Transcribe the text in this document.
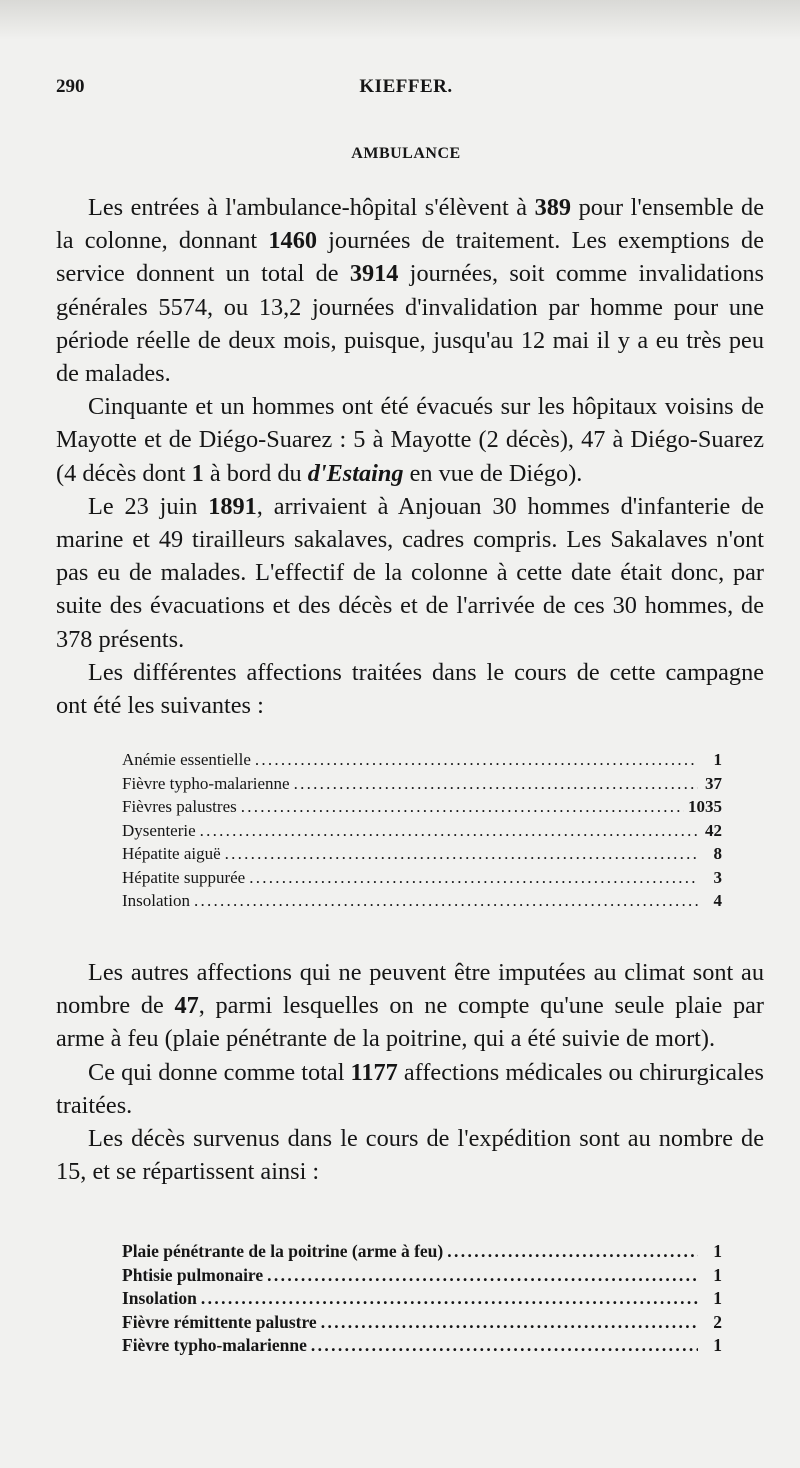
290	KIEFFER.
AMBULANCE

Les entrées à l'ambulance-hôpital s'élèvent à 389 pour l'ensemble de la colonne, donnant 1460 journées de traitement. Les exemptions de service donnent un total de 3914 journées, soit comme invalidations générales 5574, ou 13,2 journées d'invalidation par homme pour une période réelle de deux mois, puisque, jusqu'au 12 mai il y a eu très peu de malades.

Cinquante et un hommes ont été évacués sur les hôpitaux voisins de Mayotte et de Diégo-Suarez : 5 à Mayotte (2 décès), 47 à Diégo-Suarez (4 décès dont 1 à bord du d'Estaing en vue de Diégo).

Le 23 juin 1891, arrivaient à Anjouan 30 hommes d'infanterie de marine et 49 tirailleurs sakalaves, cadres compris. Les Sakalaves n'ont pas eu de malades. L'effectif de la colonne à cette date était donc, par suite des évacuations et des décès et de l'arrivée de ces 30 hommes, de 378 présents.

Les différentes affections traitées dans le cours de cette campagne ont été les suivantes :

Anémie essentielle . . .	1
Fièvre typho-malarienne . . .	37
Fièvres palustres . . .	1035
Dysenterie . . .	42
Hépatite aiguë . . .	8
Hépatite suppurée . . .	3
Insolation . . .	4

Les autres affections qui ne peuvent être imputées au climat sont au nombre de 47, parmi lesquelles on ne compte qu'une seule plaie par arme à feu (plaie pénétrante de la poitrine, qui a été suivie de mort).

Ce qui donne comme total 1177 affections médicales ou chirurgicales traitées.

Les décès survenus dans le cours de l'expédition sont au nombre de 15, et se répartissent ainsi :

Plaie pénétrante de la poitrine (arme à feu) . . .	1
Phtisie pulmonaire . . .	1
Insolation . . .	1
Fièvre rémittente palustre . . .	2
Fièvre typho-malarienne . . .	1
